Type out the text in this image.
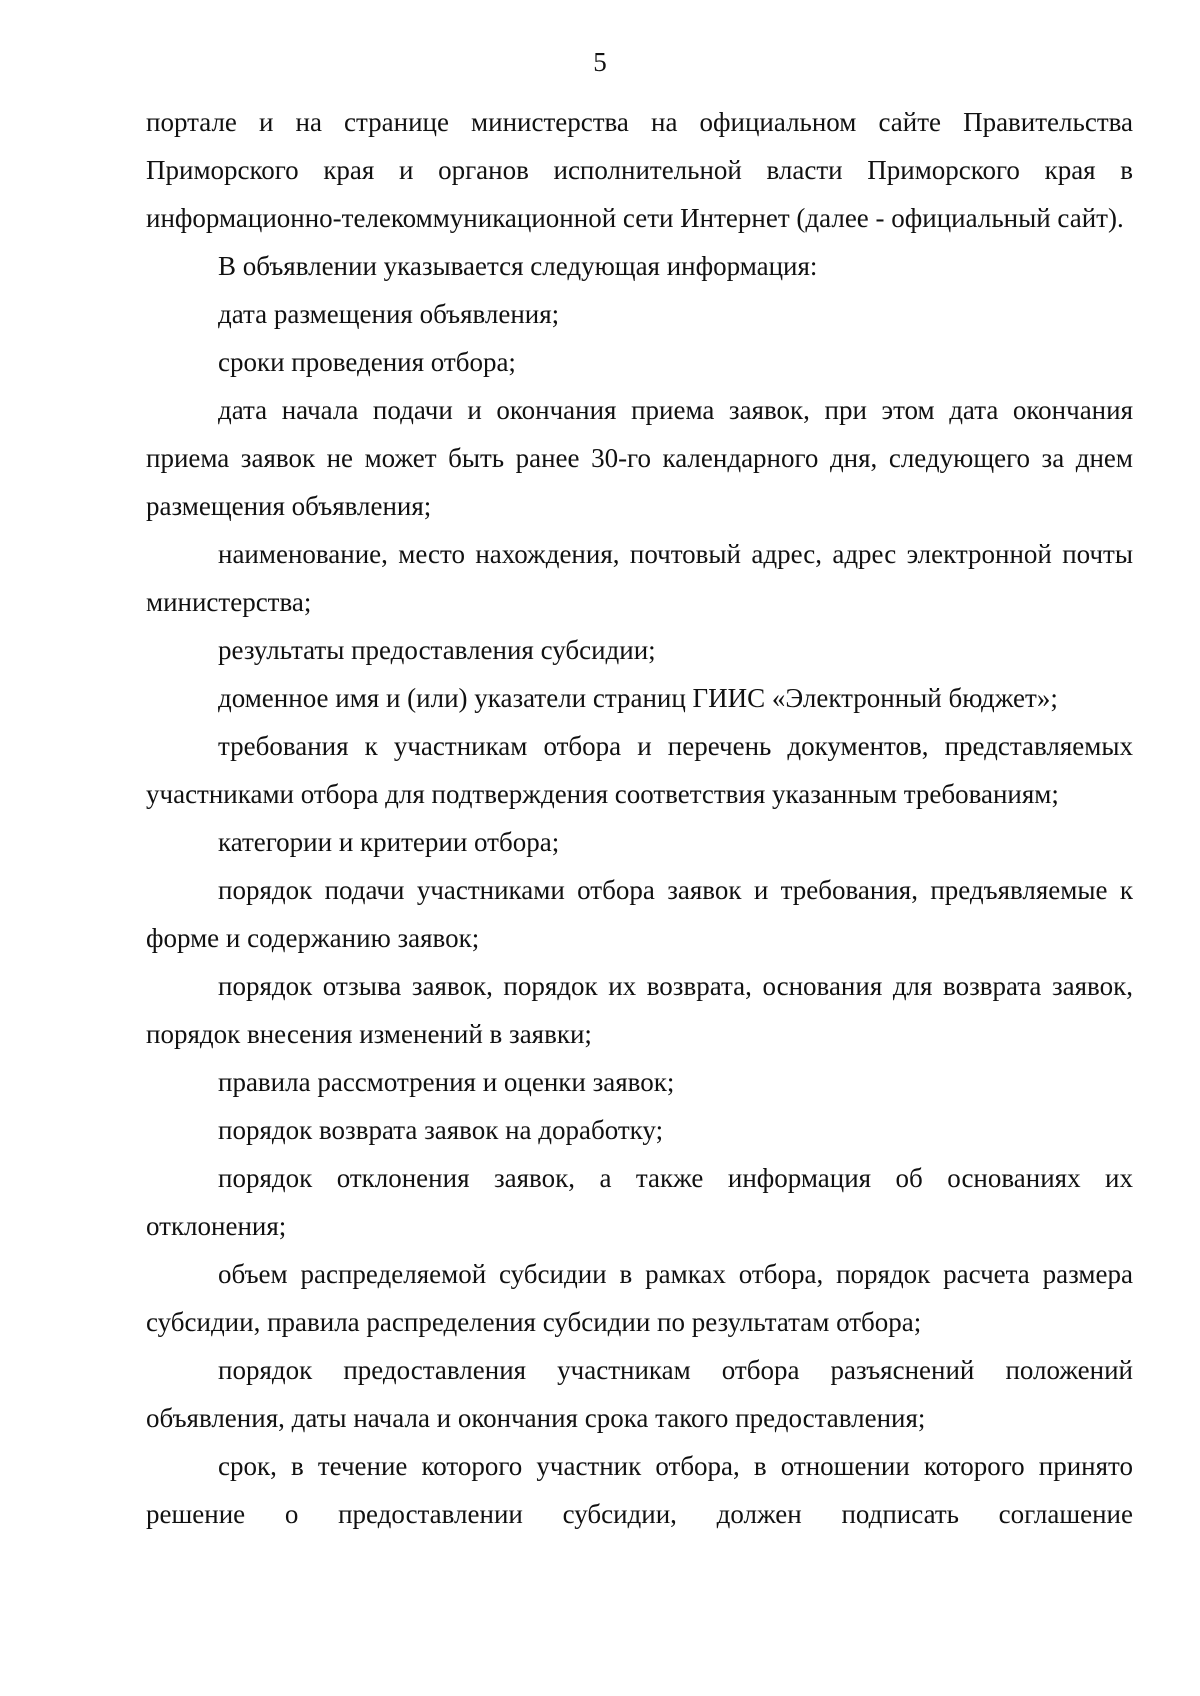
5

порталe и на странице министерства на официальном сайте Правительства Приморского края и органов исполнительной власти Приморского края в информационно-телекоммуникационной сети Интернет (далее - официальный сайт).

В объявлении указывается следующая информация:

дата размещения объявления;

сроки проведения отбора;

дата начала подачи и окончания приема заявок, при этом дата окончания приема заявок не может быть ранее 30-го календарного дня, следующего за днем размещения объявления;

наименование, место нахождения, почтовый адрес, адрес электронной почты министерства;

результаты предоставления субсидии;

доменное имя и (или) указатели страниц ГИИС «Электронный бюджет»;

требования к участникам отбора и перечень документов, представляемых участниками отбора для подтверждения соответствия указанным требованиям;

категории и критерии отбора;

порядок подачи участниками отбора заявок и требования, предъявляемые к форме и содержанию заявок;

порядок отзыва заявок, порядок их возврата, основания для возврата заявок, порядок внесения изменений в заявки;

правила рассмотрения и оценки заявок;

порядок возврата заявок на доработку;

порядок отклонения заявок, а также информация об основаниях их отклонения;

объем распределяемой субсидии в рамках отбора, порядок расчета размера субсидии, правила распределения субсидии по результатам отбора;

порядок предоставления участникам отбора разъяснений положений объявления, даты начала и окончания срока такого предоставления;

срок, в течение которого участник отбора, в отношении которого принято решение о предоставлении субсидии, должен подписать соглашение
